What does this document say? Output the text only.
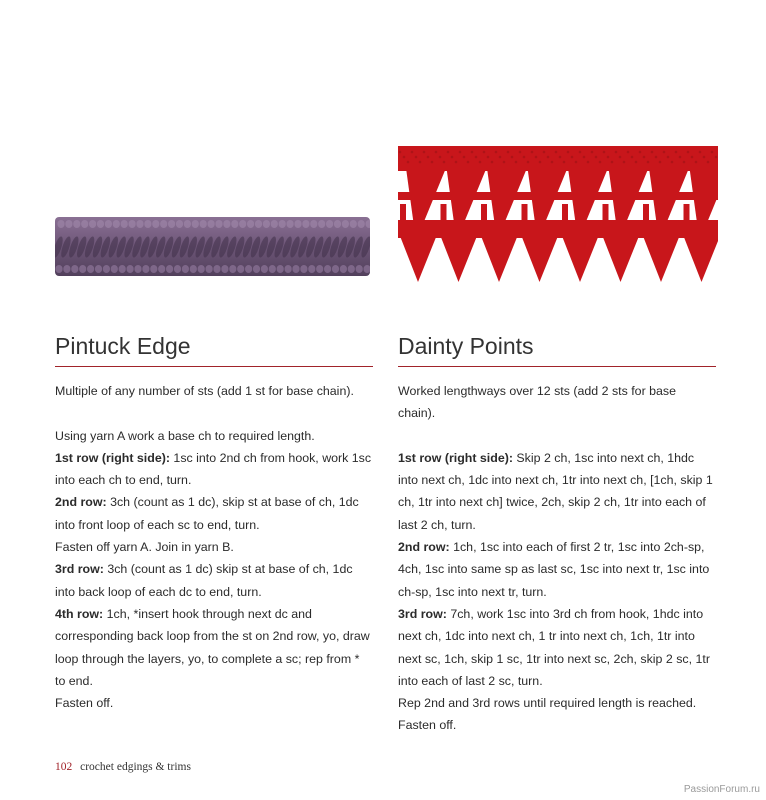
Pintuck Edge

Multiple of any number of sts (add 1 st for base chain).

Using yarn A work a base ch to required length.

1st row (right side): 1sc into 2nd ch from hook, work 1sc into each ch to end, turn.

2nd row: 3ch (count as 1 dc), skip st at base of ch, 1dc into front loop of each sc to end, turn.

Fasten off yarn A. Join in yarn B.

3rd row: 3ch (count as 1 dc) skip st at base of ch, 1dc into back loop of each dc to end, turn.

4th row: 1ch, *insert hook through next dc and corresponding back loop from the st on 2nd row, yo, draw loop through the layers, yo, to complete a sc; rep from * to end.

Fasten off.

Dainty Points

Worked lengthways over 12 sts (add 2 sts for base chain).

1st row (right side): Skip 2 ch, 1sc into next ch, 1hdc into next ch, 1dc into next ch, 1tr into next ch, [1ch, skip 1 ch, 1tr into next ch] twice, 2ch, skip 2 ch, 1tr into each of last 2 ch, turn.

2nd row: 1ch, 1sc into each of first 2 tr, 1sc into 2ch-sp, 4ch, 1sc into same sp as last sc, 1sc into next tr, 1sc into ch-sp, 1sc into next tr, turn.

3rd row: 7ch, work 1sc into 3rd ch from hook, 1hdc into next ch, 1dc into next ch, 1 tr into next ch, 1ch, 1tr into next sc, 1ch, skip 1 sc, 1tr into next sc, 2ch, skip 2 sc, 1tr into each of last 2 sc, turn.

Rep 2nd and 3rd rows until required length is reached.

Fasten off.

102 crochet edgings & trims
PassionForum.ru
